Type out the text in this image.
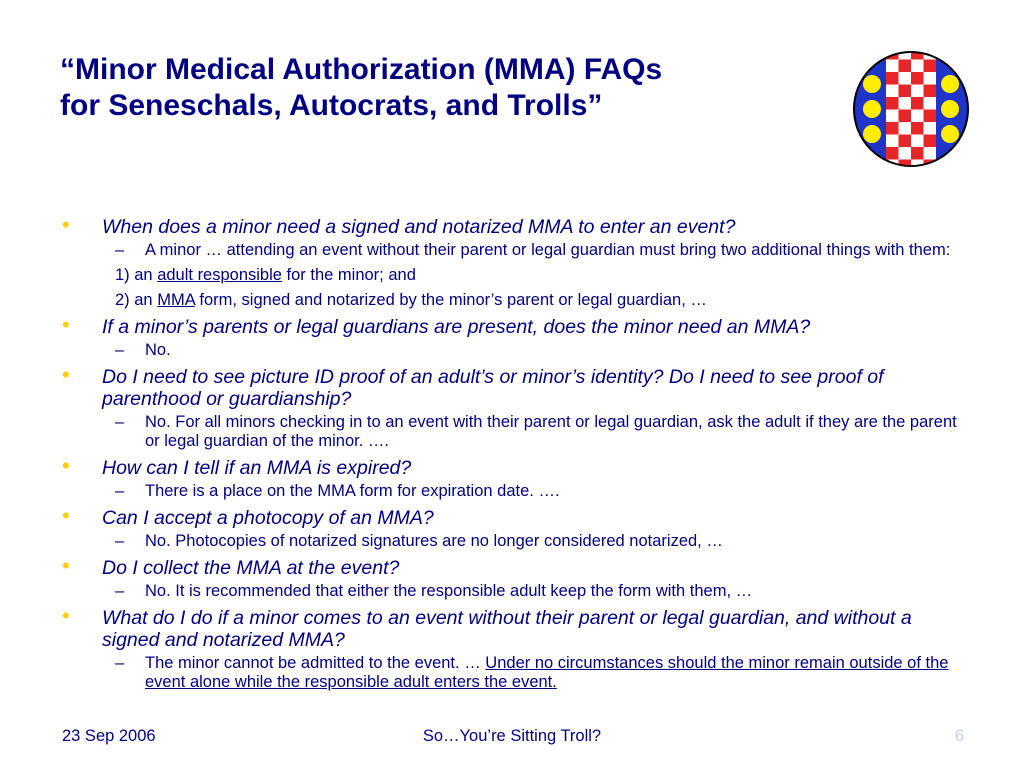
“Minor Medical Authorization (MMA) FAQs
for Seneschals, Autocrats, and Trolls”
• When does a minor need a signed and notarized MMA to enter an event?
– A minor … attending an event without their parent or legal guardian must bring two additional things with them:
1) an adult responsible for the minor; and
2) an MMA form, signed and notarized by the minor’s parent or legal guardian, …
• If a minor’s parents or legal guardians are present, does the minor need an MMA?
– No.
• Do I need to see picture ID proof of an adult’s or minor’s identity? Do I need to see proof of parenthood or guardianship?
– No. For all minors checking in to an event with their parent or legal guardian, ask the adult if they are the parent or legal guardian of the minor. ….
• How can I tell if an MMA is expired?
– There is a place on the MMA form for expiration date. ….
• Can I accept a photocopy of an MMA?
– No. Photocopies of notarized signatures are no longer considered notarized, …
• Do I collect the MMA at the event?
– No. It is recommended that either the responsible adult keep the form with them, …
• What do I do if a minor comes to an event without their parent or legal guardian, and without a signed and notarized MMA?
– The minor cannot be admitted to the event. … Under no circumstances should the minor remain outside of the event alone while the responsible adult enters the event.
23 Sep 2006	So…You’re Sitting Troll?	6
